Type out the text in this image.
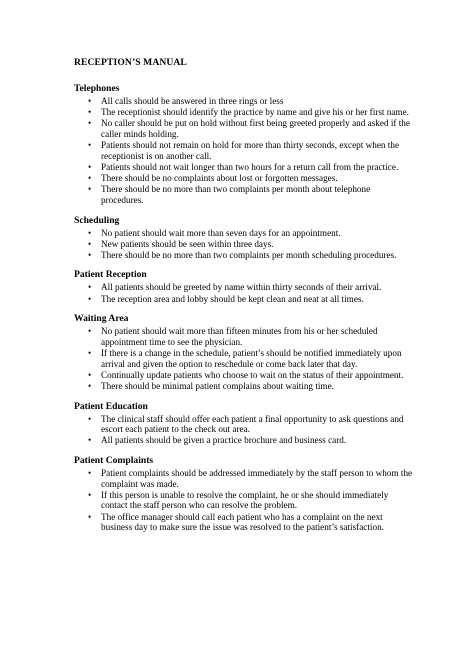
RECEPTION’S MANUAL
Telephones
• All calls should be answered in three rings or less
• The receptionist should identify the practice by name and give his or her first name.
• No caller should be put on hold without first being greeted properly and asked if the caller minds holding.
• Patients should not remain on hold for more than thirty seconds, except when the receptionist is on another call.
• Patients should not wait longer than two hours for a return call from the practice.
• There should be no complaints about lost or forgotten messages.
• There should be no more than two complaints per month about telephone procedures.
Scheduling
• No patient should wait more than seven days for an appointment.
• New patients should be seen within three days.
• There should be no more than two complaints per month scheduling procedures.
Patient Reception
• All patients should be greeted by name within thirty seconds of their arrival.
• The reception area and lobby should be kept clean and neat at all times.
Waiting Area
• No patient should wait more than fifteen minutes from his or her scheduled appointment time to see the physician.
• If there is a change in the schedule, patient’s should be notified immediately upon arrival and given the option to reschedule or come back later that day.
• Continually update patients who choose to wait on the status of their appointment.
• There should be minimal patient complains about waiting time.
Patient Education
• The clinical staff should offer each patient a final opportunity to ask questions and escort each patient to the check out area.
• All patients should be given a practice brochure and business card.
Patient Complaints
• Patient complaints should be addressed immediately by the staff person to whom the complaint was made.
• If this person is unable to resolve the complaint, he or she should immediately contact the staff person who can resolve the problem.
• The office manager should call each patient who has a complaint on the next business day to make sure the issue was resolved to the patient’s satisfaction.
